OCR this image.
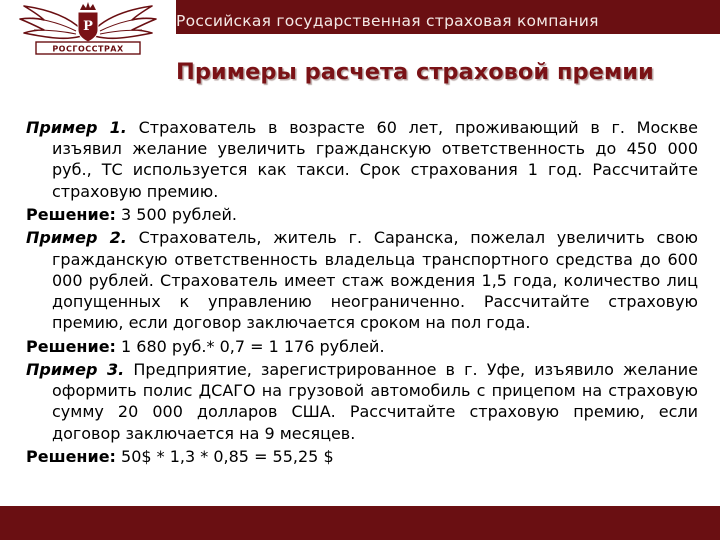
Р
РОСГОССТРАХ
Российская государственная страховая компания
Примеры расчета страховой премии

Пример 1. Страхователь в возрасте 60 лет, проживающий в г. Москве изъявил желание увеличить гражданскую ответственность до 450 000 руб., ТС используется как такси. Срок страхования 1 год. Рассчитайте страховую премию.

Решение: 3 500 рублей.

Пример 2. Страхователь, житель г. Саранска, пожелал увеличить свою гражданскую ответственность владельца транспортного средства до 600 000 рублей. Страхователь имеет стаж вождения 1,5 года, количество лиц допущенных к управлению неограниченно. Рассчитайте страховую премию, если договор заключается сроком на пол года.

Решение: 1 680 руб.* 0,7 = 1 176 рублей.

Пример 3. Предприятие, зарегистрированное в г. Уфе, изъявило желание оформить полис ДСАГО на грузовой автомобиль с прицепом на страховую сумму 20 000 долларов США. Рассчитайте страховую премию, если договор заключается на 9 месяцев.

Решение: 50$ * 1,3 * 0,85 = 55,25 $
